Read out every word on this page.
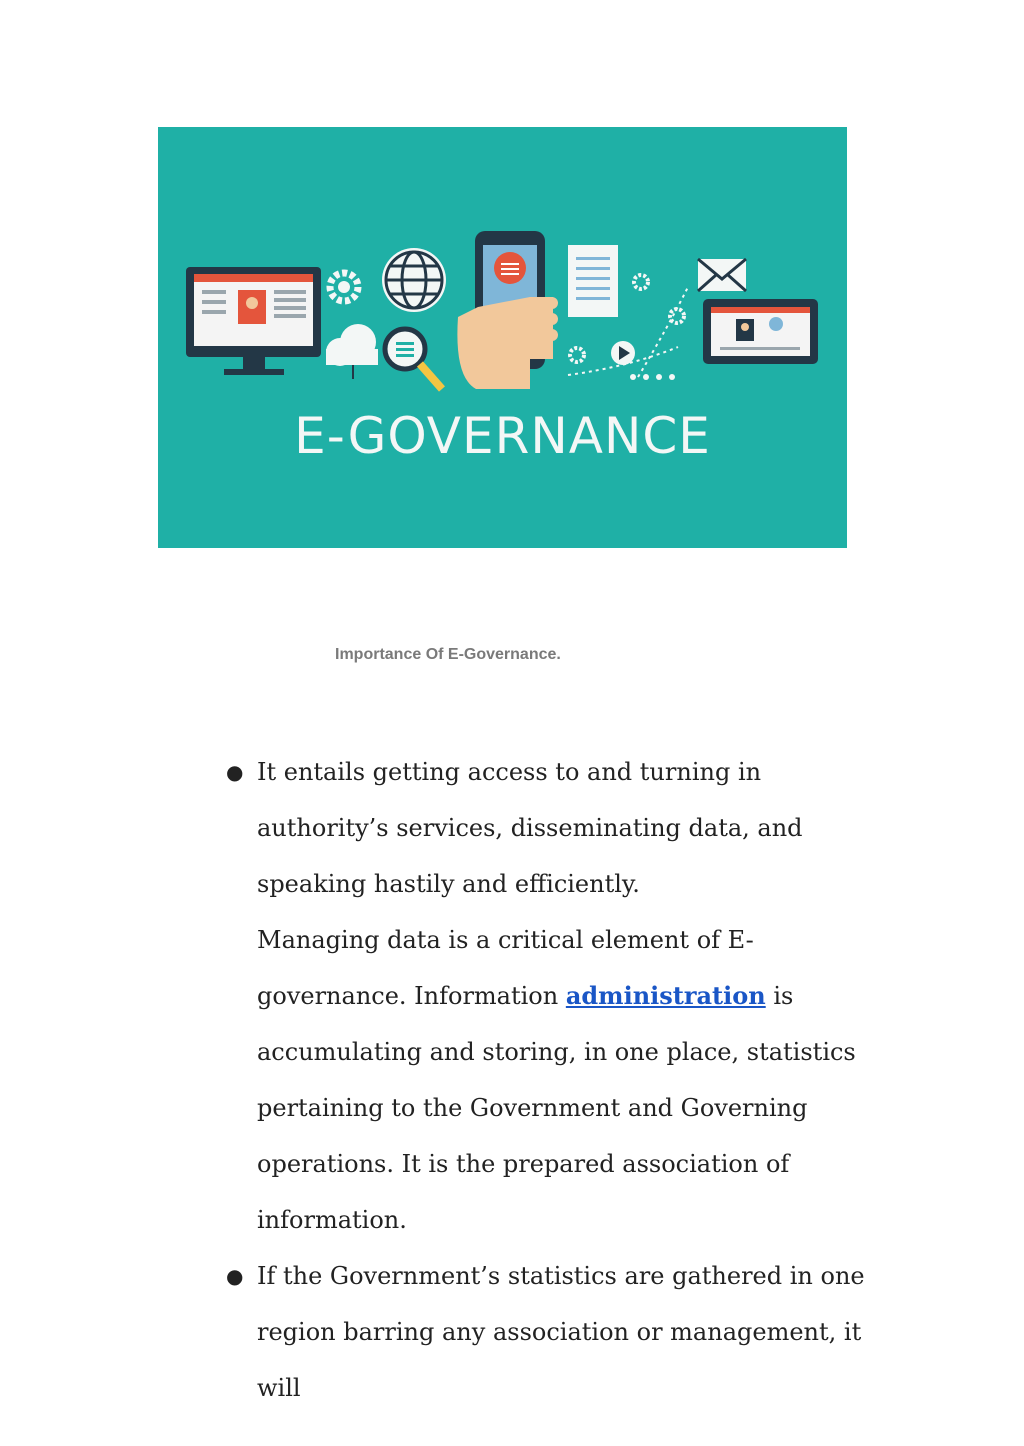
E-GOVERNANCE
Importance Of E-Governance.
● It entails getting access to and turning in authority’s services, disseminating data, and speaking hastily and efficiently.

Managing data is a critical element of E-governance. Information administration is accumulating and storing, in one place, statistics pertaining to the Government and Governing operations. It is the prepared association of information.

● If the Government’s statistics are gathered in one region barring any association or management, it will
